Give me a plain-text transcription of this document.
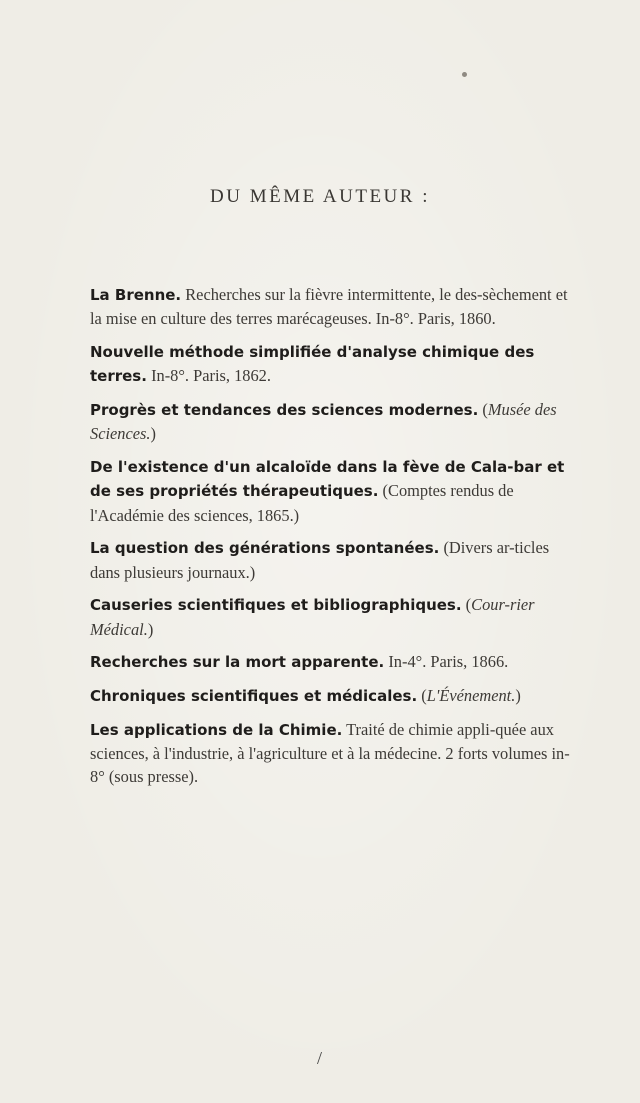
DU MÊME AUTEUR :

La Brenne. Recherches sur la fièvre intermittente, le des-sèchement et la mise en culture des terres marécageuses. In-8°. Paris, 1860.

Nouvelle méthode simplifiée d'analyse chimique des terres. In-8°. Paris, 1862.

Progrès et tendances des sciences modernes. (Musée des Sciences.)

De l'existence d'un alcaloïde dans la fève de Cala-bar et de ses propriétés thérapeutiques. (Comptes rendus de l'Académie des sciences, 1865.)

La question des générations spontanées. (Divers ar-ticles dans plusieurs journaux.)

Causeries scientifiques et bibliographiques. (Cour-rier Médical.)

Recherches sur la mort apparente. In-4°. Paris, 1866.

Chroniques scientifiques et médicales. (L'Événement.)

Les applications de la Chimie. Traité de chimie appli-quée aux sciences, à l'industrie, à l'agriculture et à la médecine. 2 forts volumes in-8° (sous presse).

/
